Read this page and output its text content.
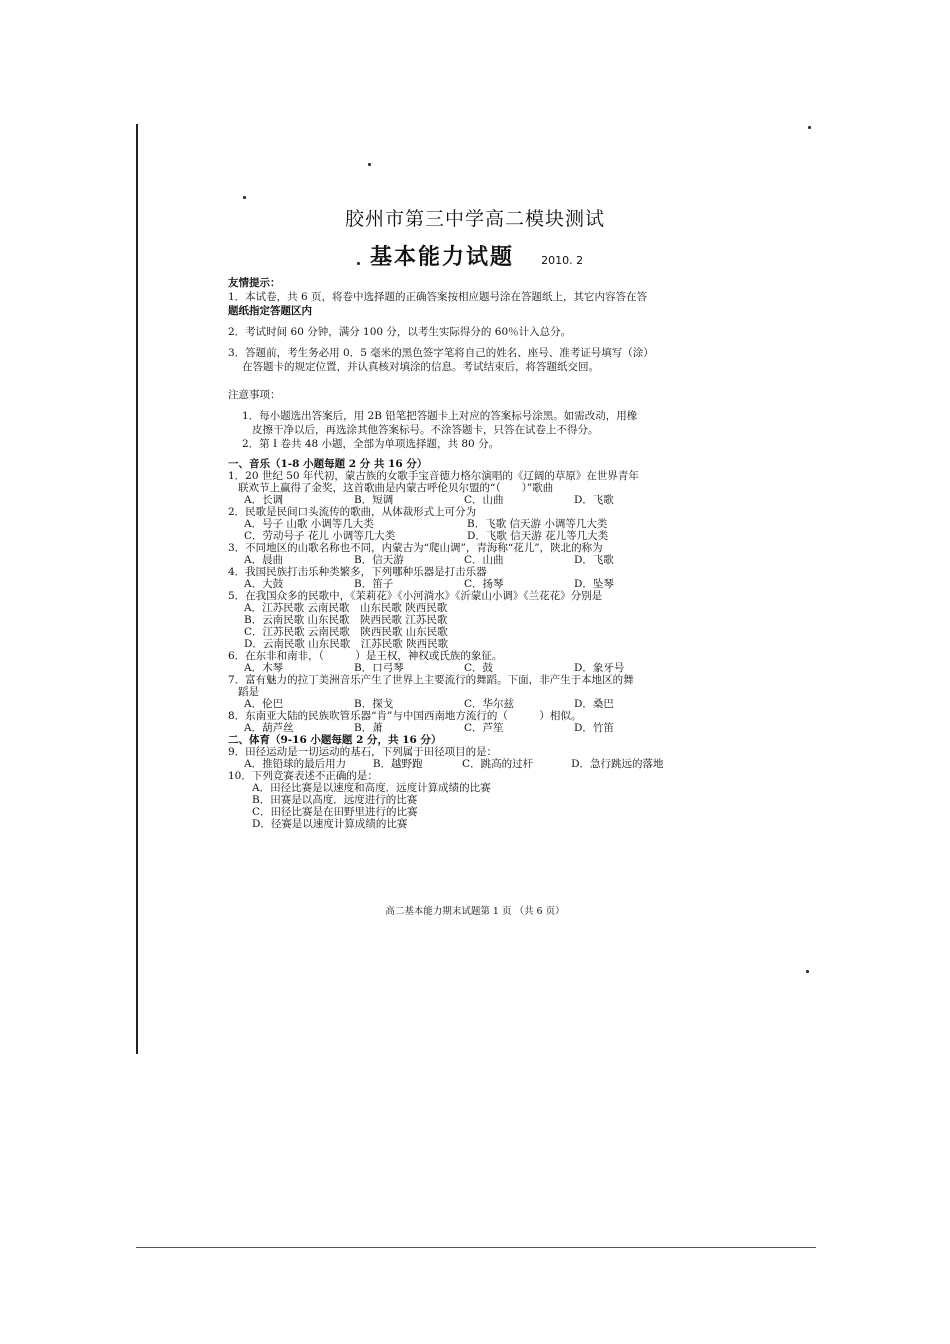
胶州市第三中学高二模块测试
基本能力试题 2010. 2
友情提示：
1．本试卷，共 6 页，将卷中选择题的正确答案按相应题号涂在答题纸上，其它内容答在答
题纸指定答题区内
2．考试时间 60 分钟，满分 100 分，以考生实际得分的 60％计入总分。
3．答题前，考生务必用 0．5 毫米的黑色签字笔将自己的姓名、座号、准考证号填写（涂）
在答题卡的规定位置，并认真核对填涂的信息。考试结束后，将答题纸交回。
注意事项：
1．每小题选出答案后，用 2B 铅笔把答题卡上对应的答案标号涂黑。如需改动，用橡
皮擦干净以后，再选涂其他答案标号。不涂答题卡，只答在试卷上不得分。
2．第 I 卷共 48 小题，全部为单项选择题，共 80 分。
一、音乐（1-8 小题每题 2 分 共 16 分）
1．20 世纪 50 年代初，蒙古族的女歌手宝音德力格尔演唱的《辽阔的草原》在世界青年
联欢节上赢得了金奖，这首歌曲是内蒙古呼伦贝尔盟的“（　　）”歌曲
A．长调	B．短调	C．山曲	D．飞歌
2．民歌是民间口头流传的歌曲，从体裁形式上可分为
A．号子 山歌 小调等几大类	B．飞歌 信天游 小调等几大类
C．劳动号子 花儿 小调等几大类	D．飞歌 信天游 花儿等几大类
3．不同地区的山歌名称也不同，内蒙古为“爬山调”，青海称“花儿”，陕北的称为
A．晨曲	B．信天游	C．山曲	D．飞歌
4．我国民族打击乐种类繁多，下列哪种乐器是打击乐器
A．大鼓	B．笛子	C．扬琴	D．坠琴
5．在我国众多的民歌中，《茉莉花》《小河淌水》《沂蒙山小调》《兰花花》分别是
A．江苏民歌 云南民歌　山东民歌 陕西民歌
B．云南民歌 山东民歌　陕西民歌 江苏民歌
C．江苏民歌 云南民歌　陕西民歌 山东民歌
D．云南民歌 山东民歌　江苏民歌 陕西民歌
6．在东非和南非，（　　　）是王权，神权或氏族的象征。
A．木琴	B．口弓琴	C．鼓	D．象牙号
7．富有魅力的拉丁美洲音乐产生了世界上主要流行的舞蹈。下面，非产生于本地区的舞
蹈是
A．伦巴	B．探戈	C．华尔兹	D．桑巴
8．东南亚大陆的民族吹管乐器“肯”与中国西南地方流行的（　　　）相似。
A．葫芦丝	B．萧	C．芦笙	D．竹笛
二、体育（9-16 小题每题 2 分，共 16 分）
9．田径运动是一切运动的基石，下列属于田径项目的是：
A．推铅球的最后用力	B．越野跑	C．跳高的过杆	D．急行跳远的落地
10．下列竞赛表述不正确的是：
A．田径比赛是以速度和高度．远度计算成绩的比赛
B．田赛是以高度．远度进行的比赛
C．田径比赛是在田野里进行的比赛
D．径赛是以速度计算成绩的比赛
高二基本能力期末试题第 1 页 （共 6 页）
